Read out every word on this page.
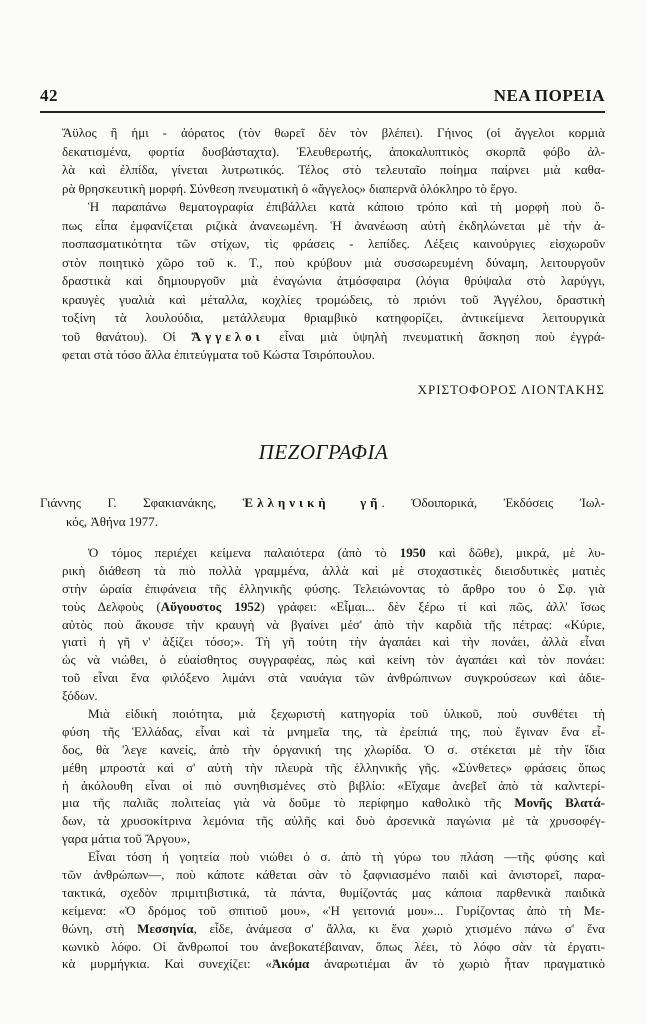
42	ΝΕΑ ΠΟΡΕΙΑ
Ἄϋλος ἢ ἡμι - ἀόρατος (τὸν θωρεῖ δὲν τὸν βλέπει). Γήινος (οἱ ἄγγελοι κορμιὰ
δεκατισμένα, φορτία δυσβάσταχτα). Ἐλευθερωτής, ἀποκαλυπτικὸς σκορπᾶ φόβο ἀλ-
λὰ καὶ ἐλπίδα, γίνεται λυτρωτικός. Τέλος στὸ τελευταῖο ποίημα παίρνει μιὰ καθα-
ρὰ θρησκευτικὴ μορφή. Σύνθεση πνευματικὴ ὁ «ἄγγελος» διαπερνᾶ ὁλόκληρο τὸ ἔργο.
Ἡ παραπάνω θεματογραφία ἐπιβάλλει κατὰ κάποιο τρόπο καὶ τὴ μορφὴ ποὺ ὅ-
πως εἶπα ἐμφανίζεται ριζικὰ ἀνανεωμένη. Ἡ ἀνανέωση αὐτὴ ἐκδηλώνεται μὲ τὴν ἀ-
ποσπασματικότητα τῶν στίχων, τὶς φράσεις - λεπίδες. Λέξεις καινούργιες εἰσχωροῦν
στὸν ποιητικὸ χῶρο τοῦ κ. Τ., ποὺ κρύβουν μιὰ συσσωρευμένη δύναμη, λειτουργοῦν
δραστικὰ καὶ δημιουργοῦν μιὰ ἐναγώνια ἀτμόσφαιρα (λόγια θρύψαλα στὸ λαρύγγι,
κραυγὲς γυαλιὰ καὶ μέταλλα, κοχλίες τρομώδεις, τὸ πριόνι τοῦ Ἀγγέλου, δραστικὴ
τοξίνη τὰ λουλούδια, μετάλλευμα θριαμβικὸ κατηφορίζει, ἀντικείμενα λειτουργικὰ
τοῦ θανάτου). Οἱ Ἄγγελοι εἶναι μιὰ ὑψηλὴ πνευματικὴ ἄσκηση ποὺ ἐγγρά-
φεται στὰ τόσο ἄλλα ἐπιτεύγματα τοῦ Κώστα Τσιρόπουλου.
ΧΡΙΣΤΟΦΟΡΟΣ ΛΙΟΝΤΑΚΗΣ
ΠΕΖΟΓΡΑΦΙΑ
Γιάννης Γ. Σφακιανάκης, Ἑλληνικὴ γῆ. Ὁδοιπορικά, Ἐκδόσεις Ἰωλ-
κός, Ἀθήνα 1977.
Ὁ τόμος περιέχει κείμενα παλαιότερα (ἀπὸ τὸ 1950 καὶ δῶθε), μικρά, μὲ λυ-
ρικὴ διάθεση τὰ πιὸ πολλὰ γραμμένα, ἀλλὰ καὶ μὲ στοχαστικὲς διεισδυτικὲς ματιὲς
στὴν ὡραία ἐπιφάνεια τῆς ἑλληνικῆς φύσης. Τελειώνοντας τὸ ἄρθρο του ὁ Σφ. γιὰ
τοὺς Δελφοὺς (Αὔγουστος 1952) γράφει: «Εἶμαι... δὲν ξέρω τί καὶ πῶς, ἀλλ' ἴσως
αὐτὸς ποὺ ἄκουσε τὴν κραυγὴ νὰ βγαίνει μέσ' ἀπὸ τὴν καρδιὰ τῆς πέτρας: «Κύριε,
γιατὶ ἡ γῆ ν' ἀξίζει τόσο;». Τὴ γῆ τούτη τὴν ἀγαπάει καὶ τὴν πονάει, ἀλλὰ εἶναι
ὡς νὰ νιώθει, ὁ εὐαίσθητος συγγραφέας, πὼς καὶ κείνη τὸν ἀγαπάει καὶ τὸν πονάει:
τοῦ εἶναι ἕνα φιλόξενο λιμάνι στὰ ναυάγια τῶν ἀνθρώπινων συγκρούσεων καὶ ἀδιε-
ξόδων.
Μιὰ εἰδικὴ ποιότητα, μιὰ ξεχωριστὴ κατηγορία τοῦ ὑλικοῦ, ποὺ συνθέτει τὴ
φύση τῆς Ἑλλάδας, εἶναι καὶ τὰ μνημεῖα της, τὰ ἐρείπιά της, ποὺ ἔγιναν ἕνα εἶ-
δος, θὰ 'λεγε κανείς, ἀπὸ τὴν ὀργανική της χλωρίδα. Ὁ σ. στέκεται μὲ τὴν ἴδια
μέθη μπροστὰ καὶ σ' αὐτὴ τὴν πλευρὰ τῆς ἑλληνικῆς γῆς. «Σύνθετες» φράσεις ὅπως
ἡ ἀκόλουθη εἶναι οἱ πιὸ συνηθισμένες στὸ βιβλίο: «Εἴχαμε ἀνεβεῖ ἀπὸ τὰ καλντερί-
μια τῆς παλιᾶς πολιτείας γιὰ νὰ δοῦμε τὸ περίφημο καθολικὸ τῆς Μονῆς Βλατά-
δων, τὰ χρυσοκίτρινα λεμόνια τῆς αὐλῆς καὶ δυὸ ἀρσενικὰ παγώνια μὲ τὰ χρυσοφέγ-
γαρα μάτια τοῦ Ἄργου»,
Εἶναι τόση ἡ γοητεία ποὺ νιώθει ὁ σ. ἀπὸ τὴ γύρω του πλάση —τῆς φύσης καὶ
τῶν ἀνθρώπων—, ποὺ κάποτε κάθεται σὰν τὸ ξαφνιασμένο παιδὶ καὶ ἀνιστορεῖ, παρα-
τακτικά, σχεδὸν πριμιτιβιστικά, τὰ πάντα, θυμίζοντάς μας κάποια παρθενικὰ παιδικὰ
κείμενα: «Ὁ δρόμος τοῦ σπιτιοῦ μου», «Ἡ γειτονιά μου»... Γυρίζοντας ἀπὸ τὴ Με-
θώνη, στὴ Μεσσηνία, εἶδε, ἀνάμεσα σ' ἄλλα, κι ἕνα χωριὸ χτισμένο πάνω σ' ἕνα
κωνικὸ λόφο. Οἱ ἄνθρωποί του ἀνεβοκατέβαιναν, ὅπως λέει, τὸ λόφο σὰν τὰ ἐργατι-
κὰ μυρμήγκια. Καὶ συνεχίζει: «Ἀκόμα ἀναρωτιέμαι ἂν τὸ χωριὸ ἦταν πραγματικὸ
